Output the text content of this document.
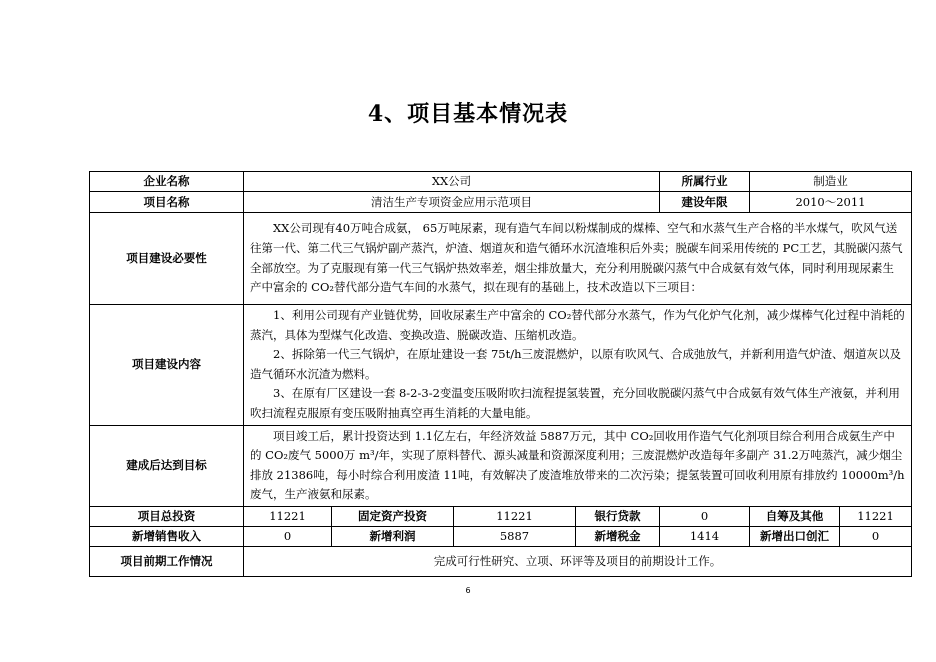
4、项目基本情况表
企业名称	XX公司				所属行业	制造业	
项目名称	清洁生产专项资金应用示范项目				建设年限	2010～2011	
项目建设必要性	XX公司现有40万吨合成氨， 65万吨尿素，现有造气车间以粉煤制成的煤棒、空气和水蒸气生产合格的半水煤气，吹风气送往第一代、第二代三气锅炉副产蒸汽，炉渣、烟道灰和造气循环水沉渣堆积后外卖；脱碳车间采用传统的 PC工艺，其脱碳闪蒸气全部放空。为了克服现有第一代三气锅炉热效率差，烟尘排放量大，充分利用脱碳闪蒸气中合成氨有效气体，同时利用现尿素生产中富余的 CO₂替代部分造气车间的水蒸气，拟在现有的基础上，技术改造以下三项目：						

项目建设内容	1、利用公司现有产业链优势，回收尿素生产中富余的 CO₂替代部分水蒸气，作为气化炉气化剂，减少煤棒气化过程中消耗的蒸汽，具体为型煤气化改造、变换改造、脱碳改造、压缩机改造。

2、拆除第一代三气锅炉，在原址建设一套 75t/h三废混燃炉，以原有吹风气、合成弛放气，并新利用造气炉渣、烟道灰以及造气循环水沉渣为燃料。

3、在原有厂区建设一套 8-2-3-2变温变压吸附吹扫流程提氢装置，充分回收脱碳闪蒸气中合成氨有效气体生产液氨，并利用吹扫流程克服原有变压吸附抽真空再生消耗的大量电能。						

建成后达到目标	项目竣工后，累计投资达到 1.1亿左右，年经济效益 5887万元，其中 CO₂回收用作造气气化剂项目综合利用合成氨生产中的 CO₂废气 5000万 m³/年，实现了原料替代、源头减量和资源深度利用；三废混燃炉改造每年多副产 31.2万吨蒸汽，减少烟尘排放 21386吨，每小时综合利用废渣 11吨，有效解决了废渣堆放带来的二次污染；提氢装置可回收利用原有排放约 10000m³/h废气，生产液氨和尿素。						

项目总投资	11221	固定资产投资	11221	银行贷款	0	自筹及其他	11221
新增销售收入	0	新增利润	5887	新增税金	1414	新增出口创汇	0
项目前期工作情况	完成可行性研究、立项、环评等及项目的前期设计工作。						
6
